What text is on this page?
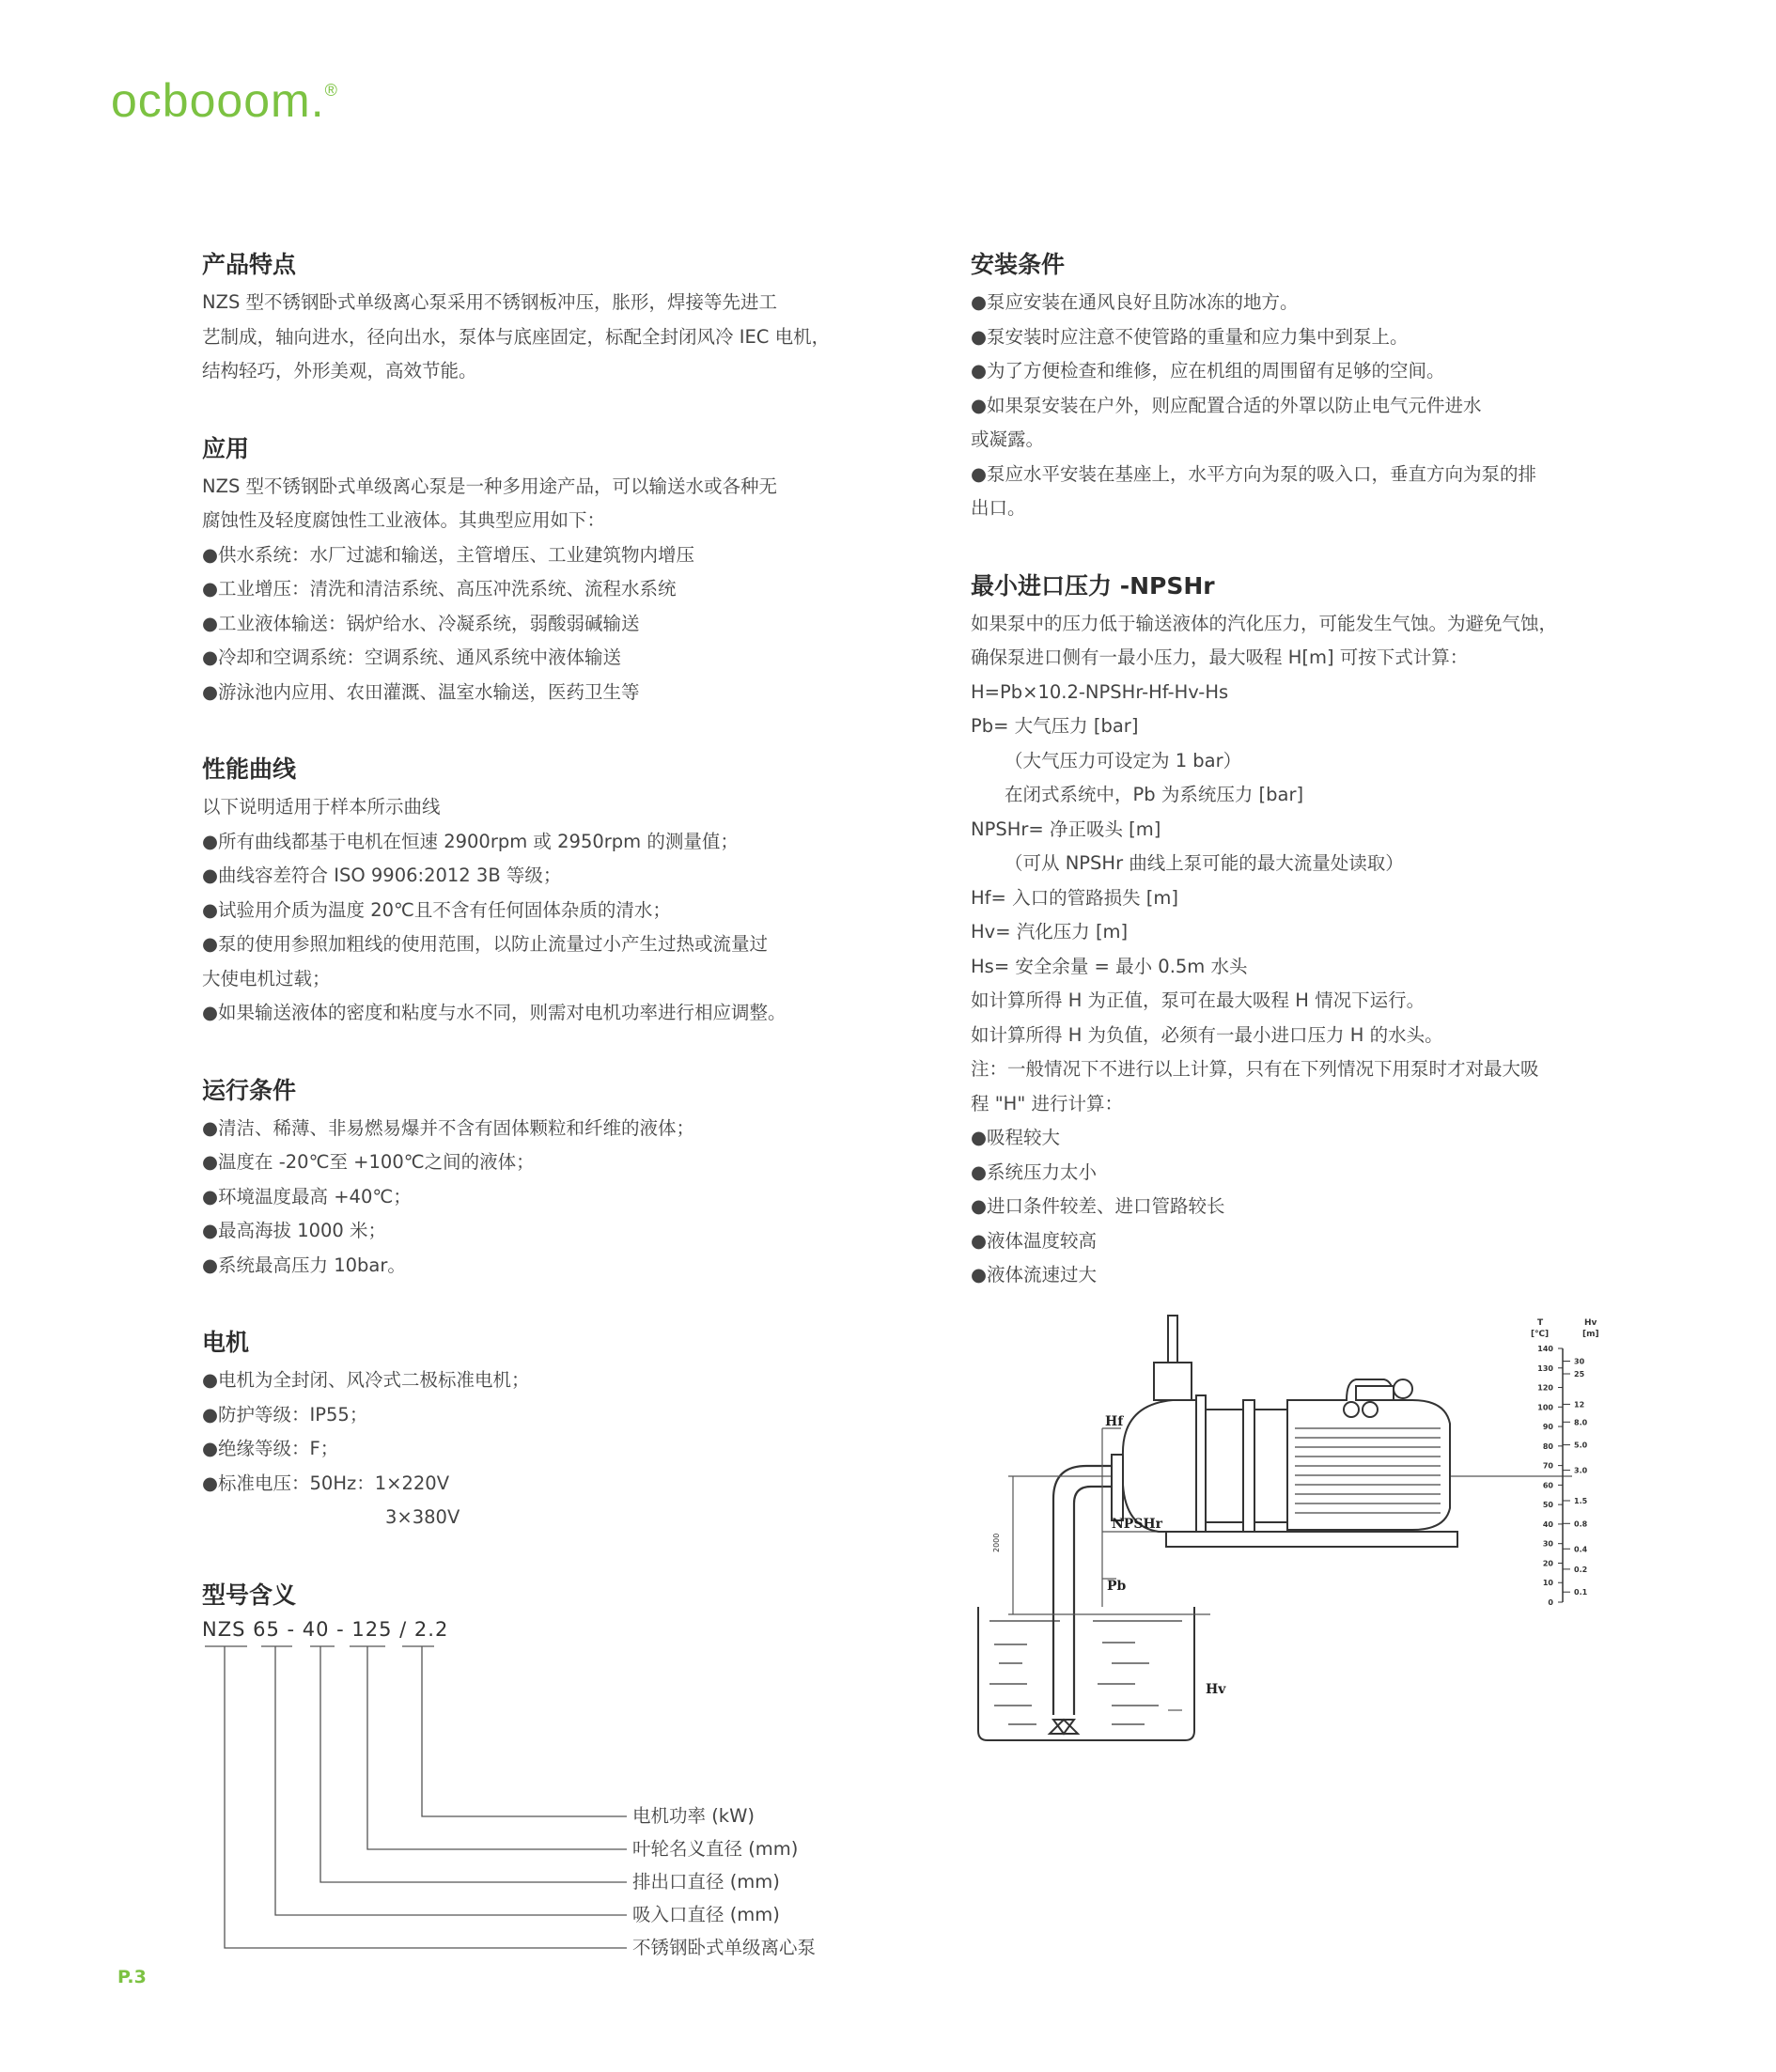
ocbooom.®
产品特点

NZS 型不锈钢卧式单级离心泵采用不锈钢板冲压，胀形，焊接等先进工

艺制成，轴向进水，径向出水，泵体与底座固定，标配全封闭风冷 IEC 电机，

结构轻巧，外形美观，高效节能。

应用

NZS 型不锈钢卧式单级离心泵是一种多用途产品，可以输送水或各种无

腐蚀性及轻度腐蚀性工业液体。其典型应用如下：

●供水系统：水厂过滤和输送，主管增压、工业建筑物内增压

●工业增压：清洗和清洁系统、高压冲洗系统、流程水系统

●工业液体输送：锅炉给水、冷凝系统，弱酸弱碱输送

●冷却和空调系统：空调系统、通风系统中液体输送

●游泳池内应用、农田灌溉、温室水输送，医药卫生等

性能曲线

以下说明适用于样本所示曲线

●所有曲线都基于电机在恒速 2900rpm 或 2950rpm 的测量值；

●曲线容差符合 ISO 9906:2012 3B 等级；

●试验用介质为温度 20℃且不含有任何固体杂质的清水；

●泵的使用参照加粗线的使用范围，以防止流量过小产生过热或流量过

大使电机过载；

●如果输送液体的密度和粘度与水不同，则需对电机功率进行相应调整。

运行条件

●清洁、稀薄、非易燃易爆并不含有固体颗粒和纤维的液体；

●温度在 -20℃至 +100℃之间的液体；

●环境温度最高 +40℃；

●最高海拔 1000 米；

●系统最高压力 10bar。

电机

●电机为全封闭、风冷式二极标准电机；

●防护等级：IP55；

●绝缘等级：F；

●标准电压：50Hz：1×220V

3×380V

型号含义
NZS 65 - 40 - 125 / 2.2
电机功率 (kW)
叶轮名义直径 (mm)
排出口直径 (mm)
吸入口直径 (mm)
不锈钢卧式单级离心泵
安装条件

●泵应安装在通风良好且防冰冻的地方。

●泵安装时应注意不使管路的重量和应力集中到泵上。

●为了方便检查和维修，应在机组的周围留有足够的空间。

●如果泵安装在户外，则应配置合适的外罩以防止电气元件进水

或凝露。

●泵应水平安装在基座上，水平方向为泵的吸入口，垂直方向为泵的排

出口。

最小进口压力 -NPSHr

如果泵中的压力低于输送液体的汽化压力，可能发生气蚀。为避免气蚀，

确保泵进口侧有一最小压力，最大吸程 H[m] 可按下式计算：

H=Pb×10.2-NPSHr-Hf-Hv-Hs

Pb= 大气压力 [bar]

（大气压力可设定为 1 bar）

在闭式系统中，Pb 为系统压力 [bar]

NPSHr= 净正吸头 [m]

（可从 NPSHr 曲线上泵可能的最大流量处读取）

Hf= 入口的管路损失 [m]

Hv= 汽化压力 [m]

Hs= 安全余量 = 最小 0.5m 水头

如计算所得 H 为正值，泵可在最大吸程 H 情况下运行。

如计算所得 H 为负值，必须有一最小进口压力 H 的水头。

注：一般情况下不进行以上计算，只有在下列情况下用泵时才对最大吸

程 "H" 进行计算：

●吸程较大

●系统压力太小

●进口条件较差、进口管路较长

●液体温度较高

●液体流速过大

Hf
NPSHr
Pb
Hv
2000
T
[℃]
Hv
[m]
140
130
120
100
90
80
70
60
50
40
30
20
10
0
30
25
12
8.0
5.0
3.0
1.5
0.8
0.4
0.2
0.1
P.3
